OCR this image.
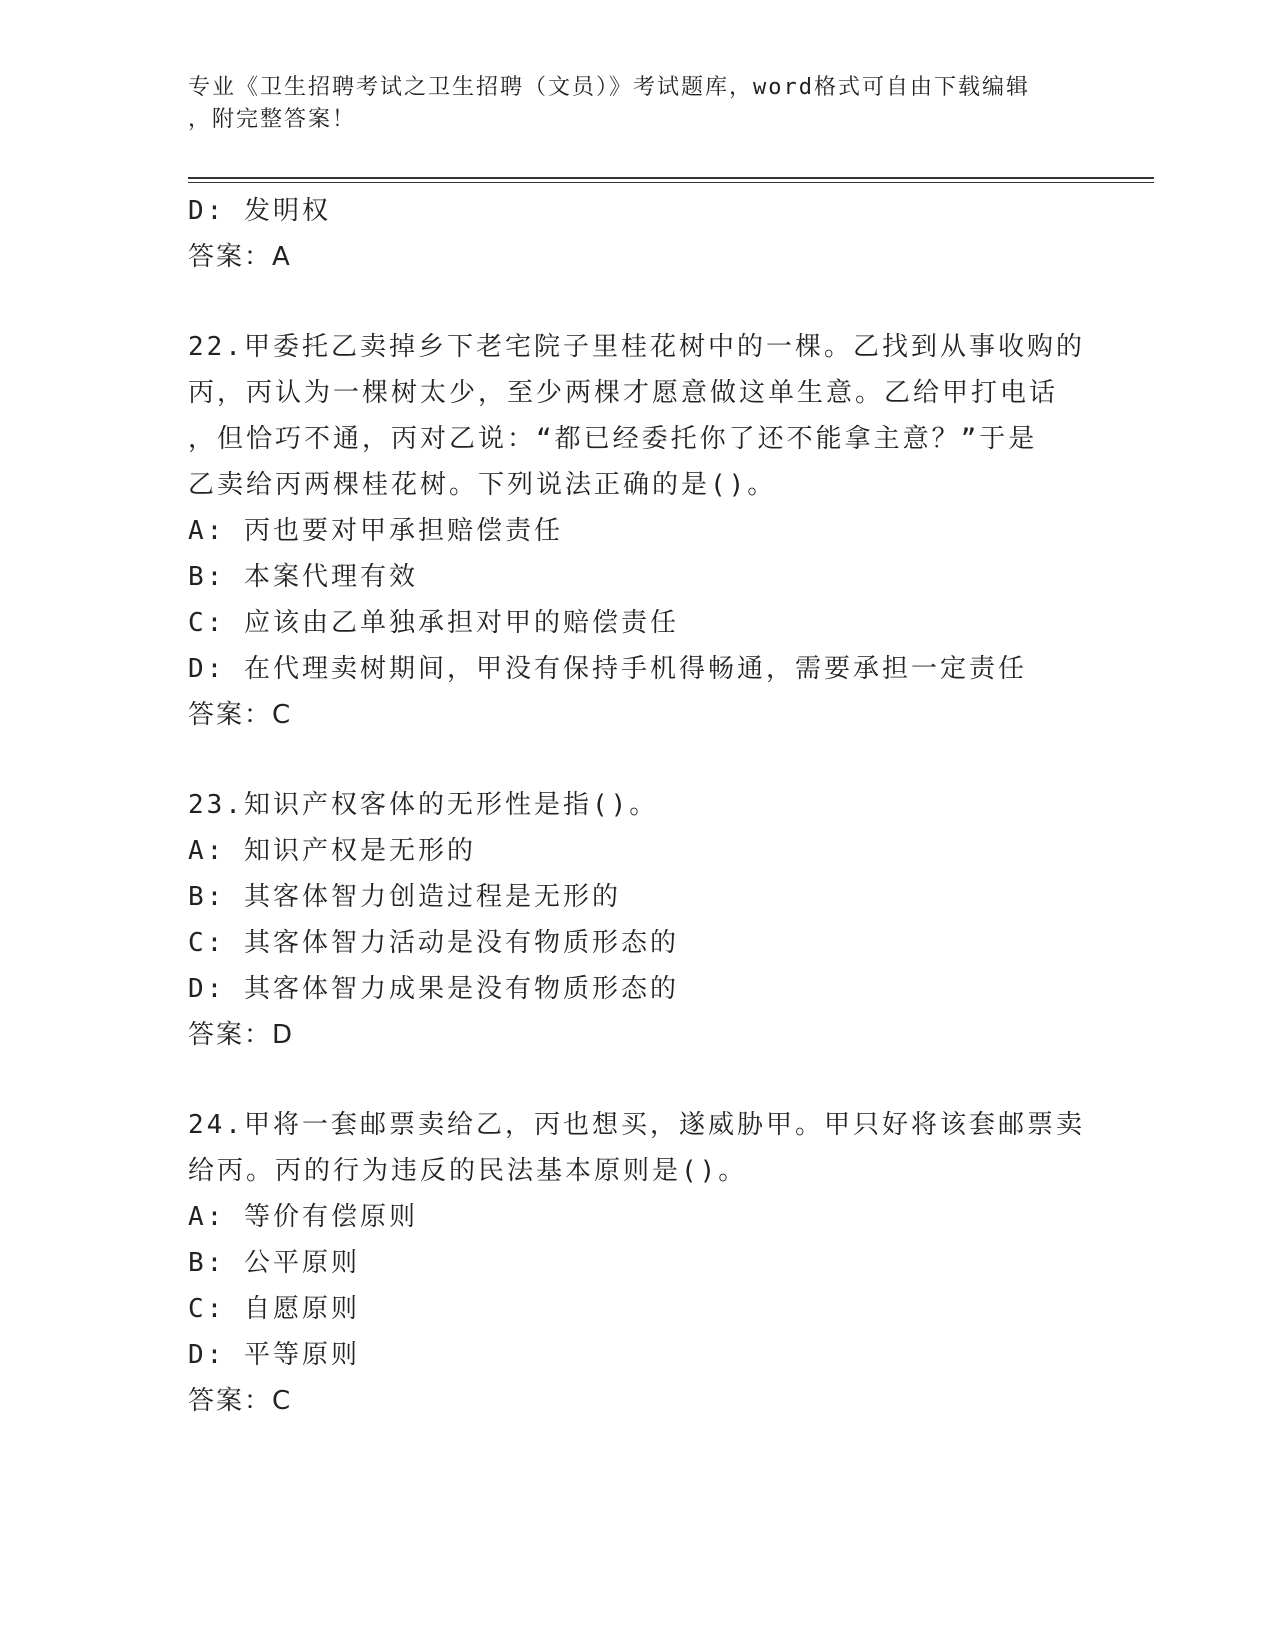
专业《卫生招聘考试之卫生招聘（文员）》考试题库，word格式可自由下载编辑
，附完整答案！
D: 发明权
答案：A
22.甲委托乙卖掉乡下老宅院子里桂花树中的一棵。乙找到从事收购的
丙，丙认为一棵树太少，至少两棵才愿意做这单生意。乙给甲打电话
，但恰巧不通，丙对乙说：“都已经委托你了还不能拿主意？”于是
乙卖给丙两棵桂花树。下列说法正确的是()。
A: 丙也要对甲承担赔偿责任
B: 本案代理有效
C: 应该由乙单独承担对甲的赔偿责任
D: 在代理卖树期间，甲没有保持手机得畅通，需要承担一定责任
答案：C
23.知识产权客体的无形性是指()。
A: 知识产权是无形的
B: 其客体智力创造过程是无形的
C: 其客体智力活动是没有物质形态的
D: 其客体智力成果是没有物质形态的
答案：D
24.甲将一套邮票卖给乙，丙也想买，遂威胁甲。甲只好将该套邮票卖
给丙。丙的行为违反的民法基本原则是()。
A: 等价有偿原则
B: 公平原则
C: 自愿原则
D: 平等原则
答案：C
